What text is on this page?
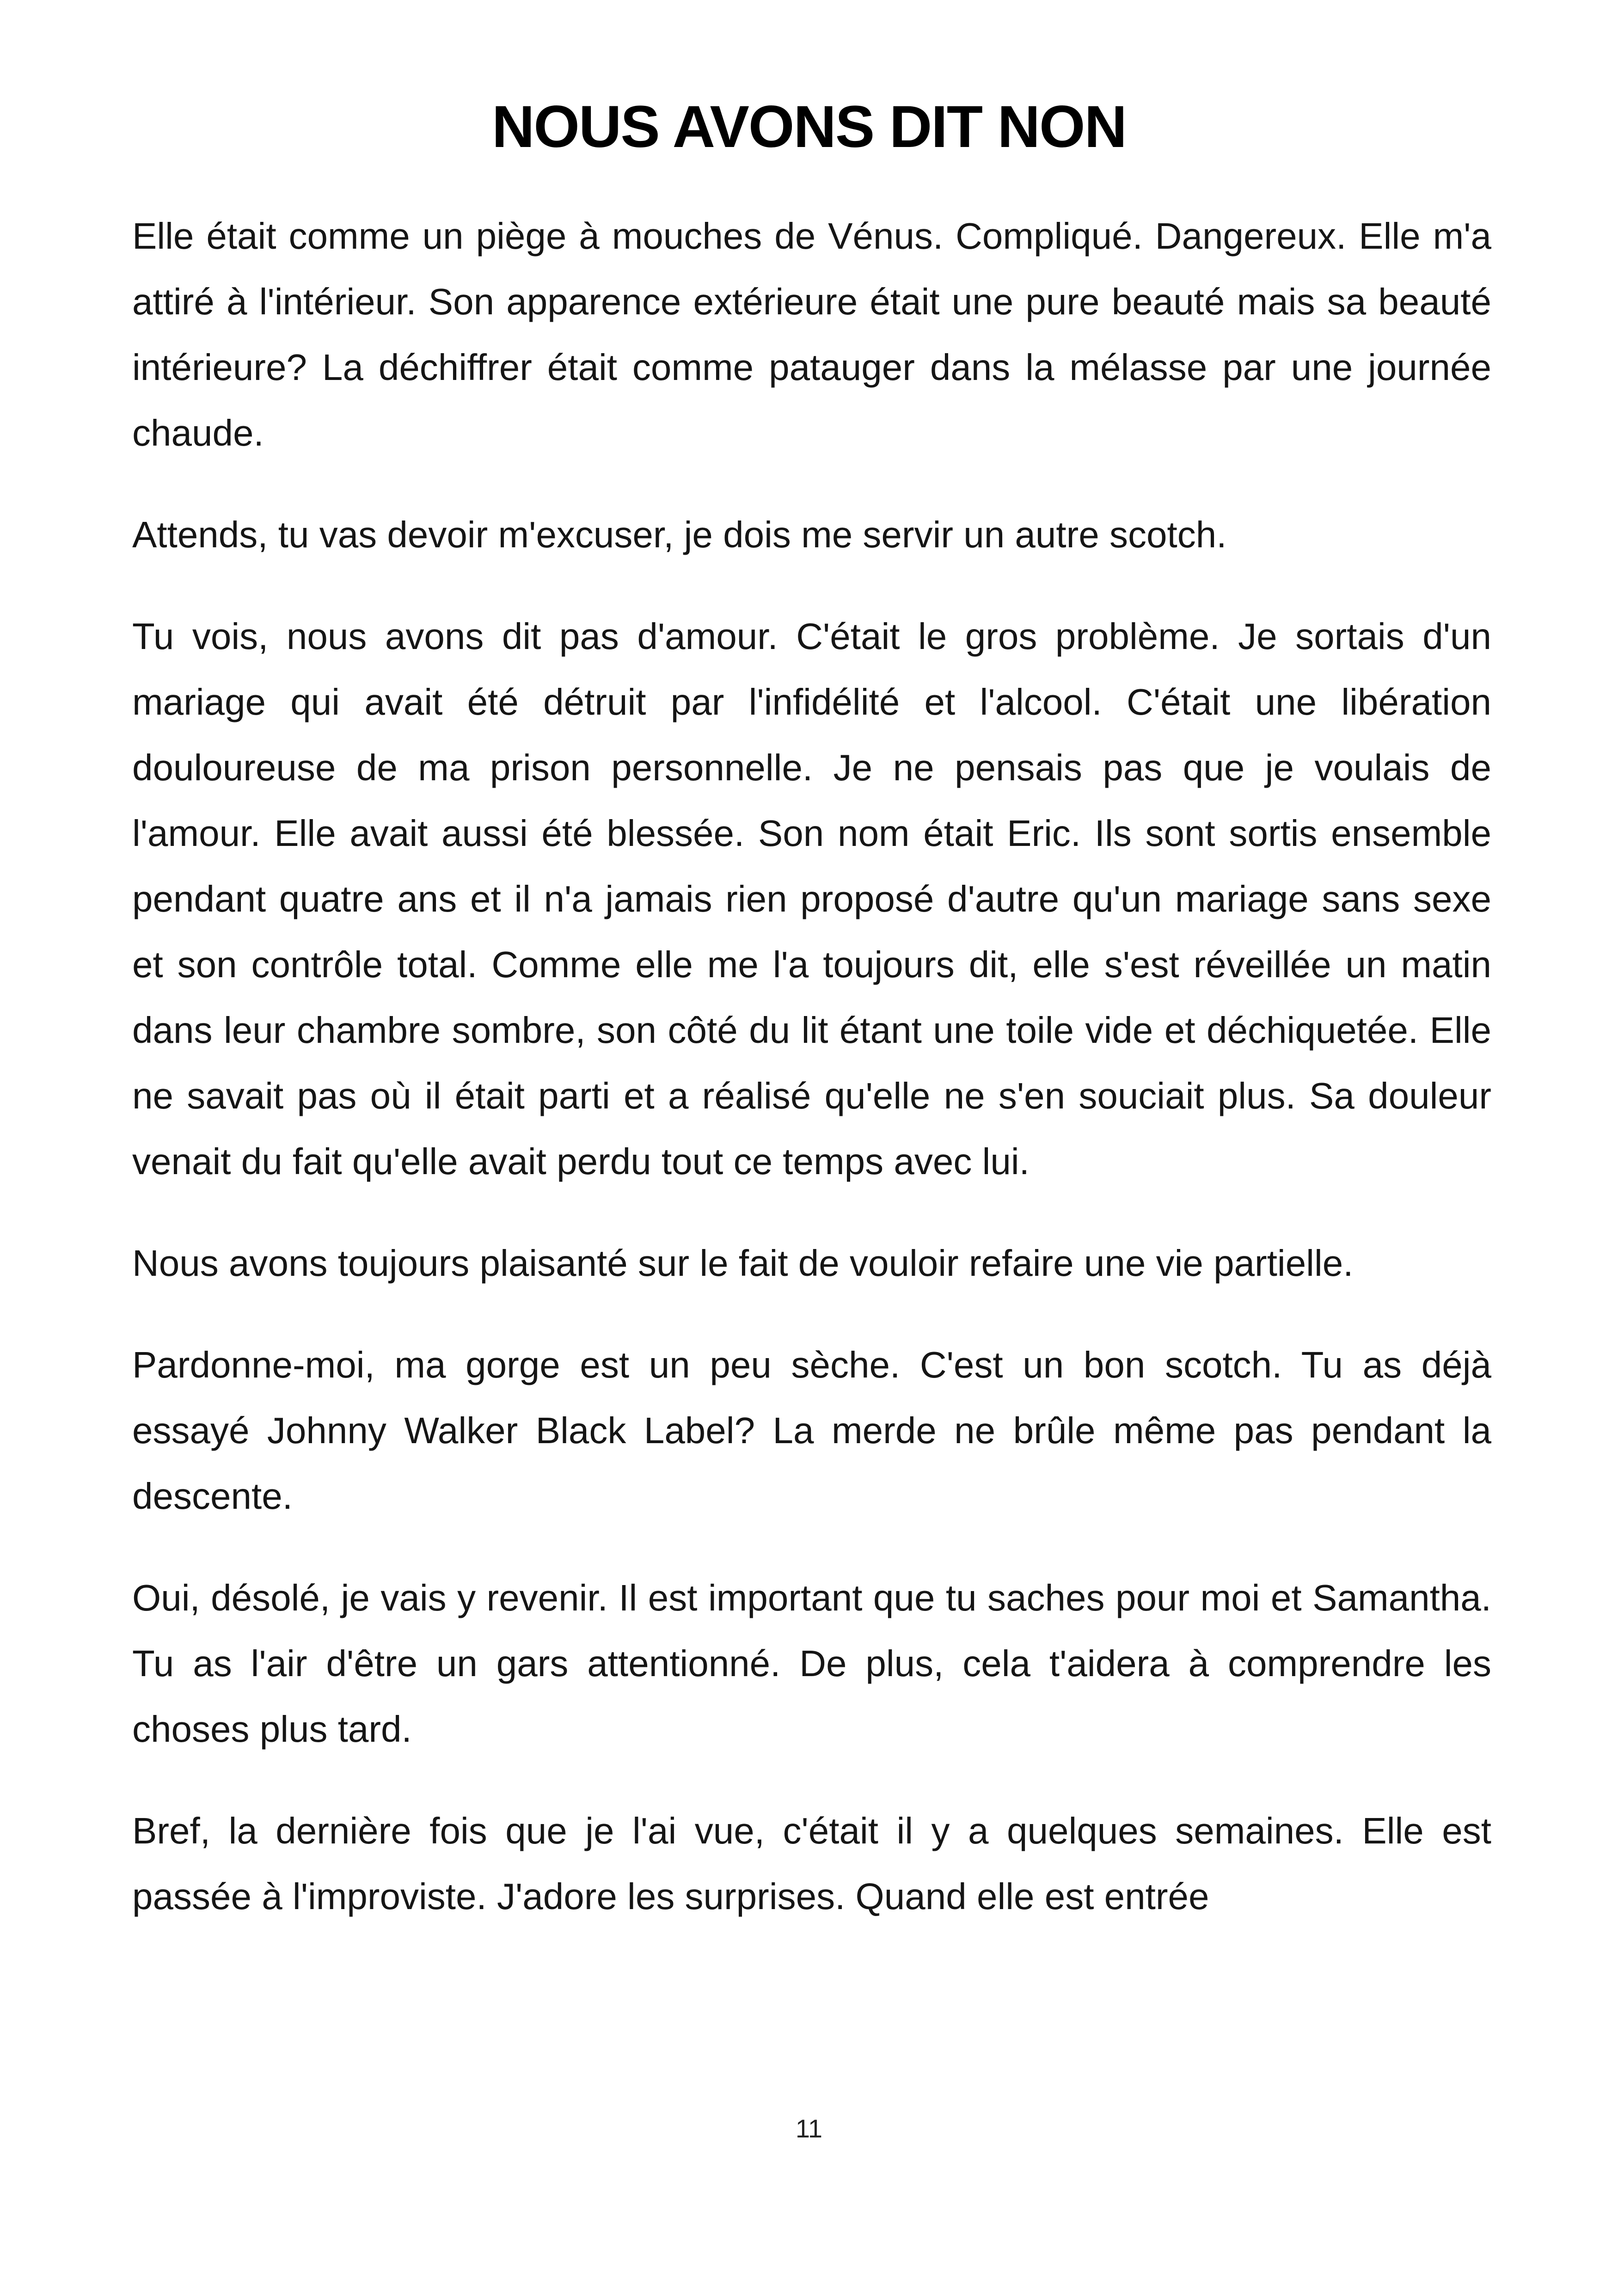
NOUS AVONS DIT NON

Elle était comme un piège à mouches de Vénus. Compliqué. Dangereux. Elle m'a attiré à l'intérieur. Son apparence extérieure était une pure beauté mais sa beauté intérieure? La déchiffrer était comme patauger dans la mélasse par une journée chaude.

Attends, tu vas devoir m'excuser, je dois me servir un autre scotch.

Tu vois, nous avons dit pas d'amour. C'était le gros problème. Je sortais d'un mariage qui avait été détruit par l'infidélité et l'alcool. C'était une libération douloureuse de ma prison personnelle. Je ne pensais pas que je voulais de l'amour. Elle avait aussi été blessée. Son nom était Eric. Ils sont sortis ensemble pendant quatre ans et il n'a jamais rien proposé d'autre qu'un mariage sans sexe et son contrôle total. Comme elle me l'a toujours dit, elle s'est réveillée un matin dans leur chambre sombre, son côté du lit étant une toile vide et déchiquetée. Elle ne savait pas où il était parti et a réalisé qu'elle ne s'en souciait plus. Sa douleur venait du fait qu'elle avait perdu tout ce temps avec lui.

Nous avons toujours plaisanté sur le fait de vouloir refaire une vie partielle.

Pardonne-moi, ma gorge est un peu sèche. C'est un bon scotch. Tu as déjà essayé Johnny Walker Black Label? La merde ne brûle même pas pendant la descente.

Oui, désolé, je vais y revenir. Il est important que tu saches pour moi et Samantha. Tu as l'air d'être un gars attentionné. De plus, cela t'aidera à comprendre les choses plus tard.

Bref, la dernière fois que je l'ai vue, c'était il y a quelques semaines. Elle est passée à l'improviste. J'adore les surprises. Quand elle est entrée

11
